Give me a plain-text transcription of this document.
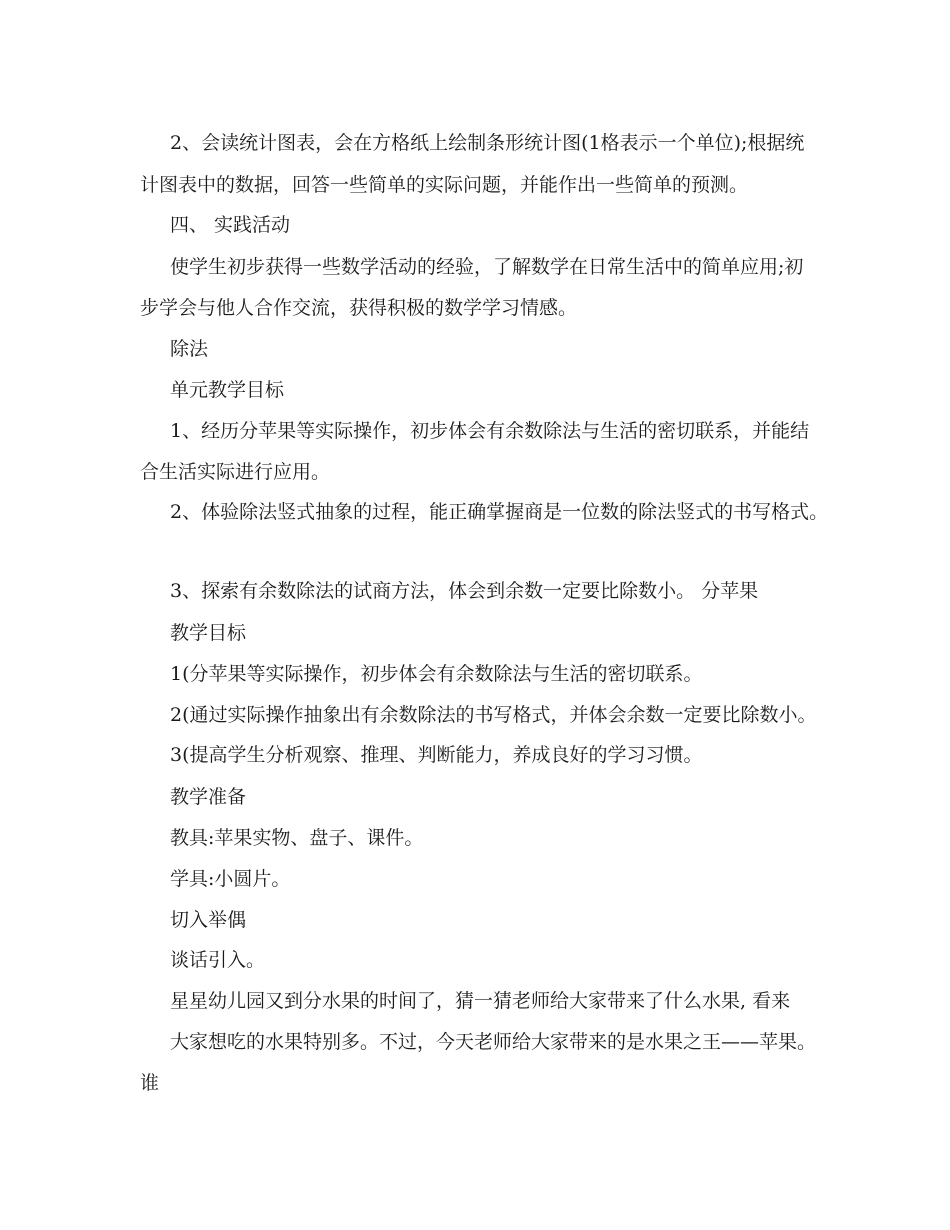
2、会读统计图表，会在方格纸上绘制条形统计图(1格表示一个单位);根据统
计图表中的数据，回答一些简单的实际问题，并能作出一些简单的预测。
四、 实践活动
使学生初步获得一些数学活动的经验，了解数学在日常生活中的简单应用;初
步学会与他人合作交流，获得积极的数学学习情感。
除法
单元教学目标
1、经历分苹果等实际操作，初步体会有余数除法与生活的密切联系，并能结
合生活实际进行应用。
2、体验除法竖式抽象的过程，能正确掌握商是一位数的除法竖式的书写格式。
3、探索有余数除法的试商方法，体会到余数一定要比除数小。 分苹果
教学目标
1(分苹果等实际操作，初步体会有余数除法与生活的密切联系。
2(通过实际操作抽象出有余数除法的书写格式，并体会余数一定要比除数小。
3(提高学生分析观察、推理、判断能力，养成良好的学习习惯。
教学准备
教具:苹果实物、盘子、课件。
学具:小圆片。
切入举偶
谈话引入。
星星幼儿园又到分水果的时间了，猜一猜老师给大家带来了什么水果, 看来
大家想吃的水果特别多。不过，今天老师给大家带来的是水果之王——苹果。
谁
